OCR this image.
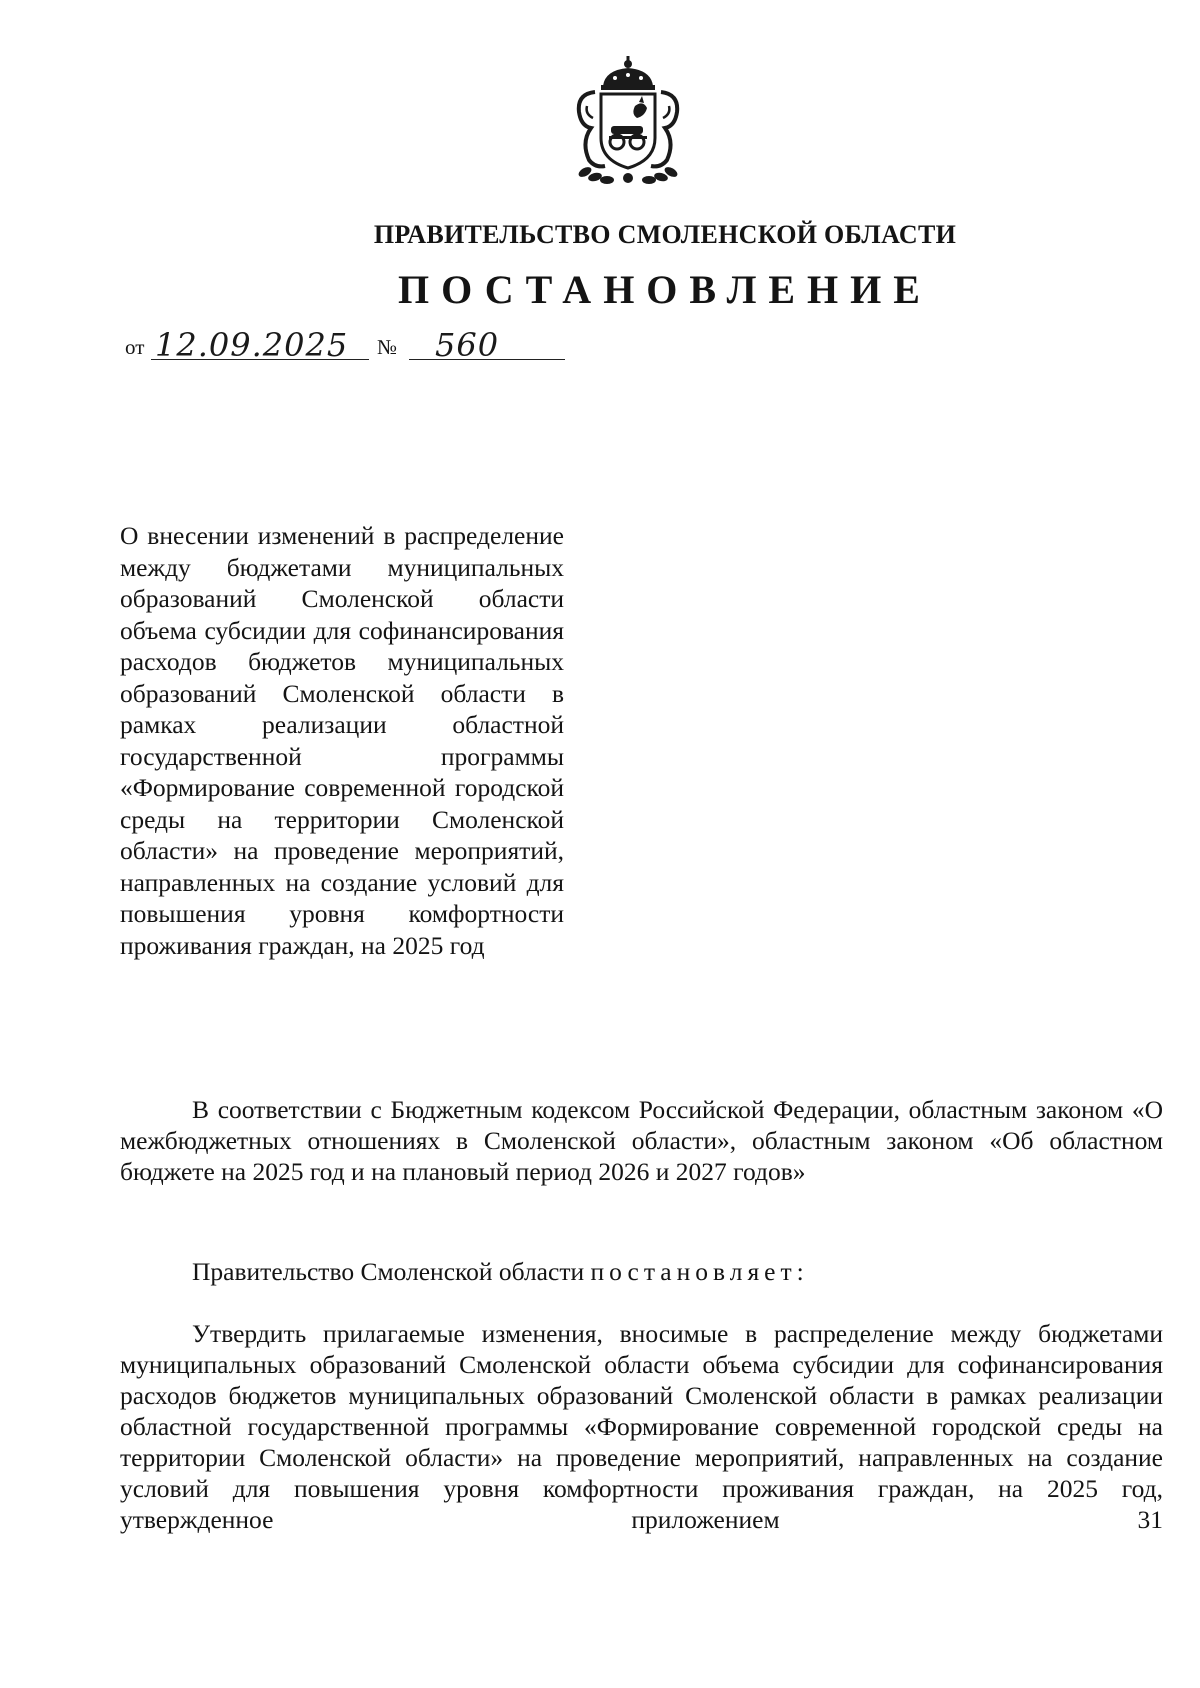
ПРАВИТЕЛЬСТВО СМОЛЕНСКОЙ ОБЛАСТИ
ПОСТАНОВЛЕНИЕ
от 12.09.2025 № 560
О внесении изменений в распределение между бюджетами муниципальных образований Смоленской области объема субсидии для софинансирования расходов бюджетов муниципальных образований Смоленской области в рамках реализации областной государственной программы «Формирование современной городской среды на территории Смоленской области» на проведение мероприятий, направленных на создание условий для повышения уровня комфортности проживания граждан, на 2025 год

В соответствии с Бюджетным кодексом Российской Федерации, областным законом «О межбюджетных отношениях в Смоленской области», областным законом «Об областном бюджете на 2025 год и на плановый период 2026 и 2027 годов»

Правительство Смоленской области постановляет:

Утвердить прилагаемые изменения, вносимые в распределение между бюджетами муниципальных образований Смоленской области объема субсидии для софинансирования расходов бюджетов муниципальных образований Смоленской области в рамках реализации областной государственной программы «Формирование современной городской среды на территории Смоленской области» на проведение мероприятий, направленных на создание условий для повышения уровня комфортности проживания граждан, на 2025 год, утвержденное приложением 31
